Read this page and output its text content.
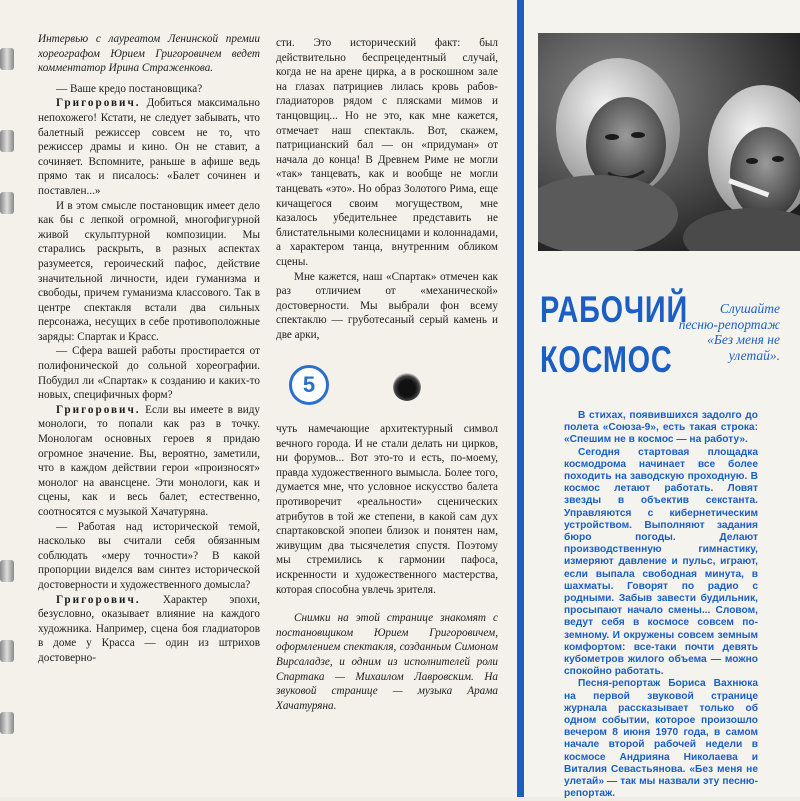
Интервью с лауреатом Ленинской премии хореографом Юрием Григоровичем ведет комментатор Ирина Страженкова.

— Ваше кредо постановщика?

Григорович. Добиться максимально непохожего! Кстати, не следует забывать, что балетный режиссер совсем не то, что режиссер драмы и кино. Он не ставит, а сочиняет. Вспомните, раньше в афише ведь прямо так и писалось: «Балет сочинен и поставлен...»

И в этом смысле постановщик имеет дело как бы с лепкой огромной, многофигурной живой скульптурной композиции. Мы старались раскрыть, в разных аспектах разумеется, героический пафос, действие значительной личности, идеи гуманизма и свободы, причем гуманизма классового. Так в центре спектакля встали два сильных персонажа, несущих в себе противоположные заряды: Спартак и Красс.

— Сфера вашей работы простирается от полифонической до сольной хореографии. Побудил ли «Спартак» к созданию и каких-то новых, специфичных форм?

Григорович. Если вы имеете в виду монологи, то попали как раз в точку. Монологам основных героев я придаю огромное значение. Вы, вероятно, заметили, что в каждом действии герои «произносят» монолог на авансцене. Эти монологи, как и сцены, как и весь балет, естественно, соотносятся с музыкой Хачатуряна.

— Работая над исторической темой, насколько вы считали себя обязанным соблюдать «меру точности»? В какой пропорции виделся вам синтез исторической достоверности и художественного домысла?

Григорович. Характер эпохи, безусловно, оказывает влияние на каждого художника. Например, сцена боя гладиаторов в доме у Красса — один из штрихов достоверно-

сти. Это исторический факт: был действительно беспрецедентный случай, когда не на арене цирка, а в роскошном зале на глазах патрициев лилась кровь рабов-гладиаторов рядом с плясками мимов и танцовщиц... Но не это, как мне кажется, отмечает наш спектакль. Вот, скажем, патрицианский бал — он «придуман» от начала до конца! В Древнем Риме не могли «так» танцевать, как и вообще не могли танцевать «это». Но образ Золотого Рима, еще кичащегося своим могуществом, мне казалось убедительнее представить не блистательными колесницами и колоннадами, а характером танца, внутренним обликом сцены.

Мне кажется, наш «Спартак» отмечен как раз отличием от «механической» достоверности. Мы выбрали фон всему спектаклю — груботесаный серый камень и две арки,

5

чуть намечающие архитектурный символ вечного города. И не стали делать ни цирков, ни форумов... Вот это-то и есть, по-моему, правда художественного вымысла. Более того, думается мне, что условное искусство балета противоречит «реальности» сценических атрибутов в той же степени, в какой сам дух спартаковской эпопеи близок и понятен нам, живущим два тысячелетия спустя. Поэтому мы стремились к гармонии пафоса, искренности и художественного мастерства, которая способна увлечь зрителя.

Снимки на этой странице знакомят с постановщиком Юрием Григоровичем, оформлением спектакля, созданным Симоном Вирсаладзе, и одним из исполнителей роли Спартака — Михаилом Лавровским. На звуковой странице — музыка Арама Хачатуряна.

РАБОЧИЙ
КОСМОС
Слушайте песню-репортаж «Без меня не улетай».

В стихах, появившихся задолго до полета «Союза-9», есть такая строка: «Спешим не в космос — на работу».

Сегодня стартовая площадка космодрома начинает все более походить на заводскую проходную. В космос летают работать. Ловят звезды в объектив секстанта. Управляются с кибернетическим устройством. Выполняют задания бюро погоды. Делают производственную гимнастику, измеряют давление и пульс, играют, если выпала свободная минута, в шахматы. Говорят по радио с родными. Забыв завести будильник, просыпают начало смены... Словом, ведут себя в космосе совсем по-земному. И окружены совсем земным комфортом: все-таки почти девять кубометров жилого объема — можно спокойно работать.

Песня-репортаж Бориса Вахнюка на первой звуковой странице журнала рассказывает только об одном событии, которое произошло вечером 8 июня 1970 года, в самом начале второй рабочей недели в космосе Андрияна Николаева и Виталия Севастьянова. «Без меня не улетай» — так мы назвали эту песню-репортаж.
